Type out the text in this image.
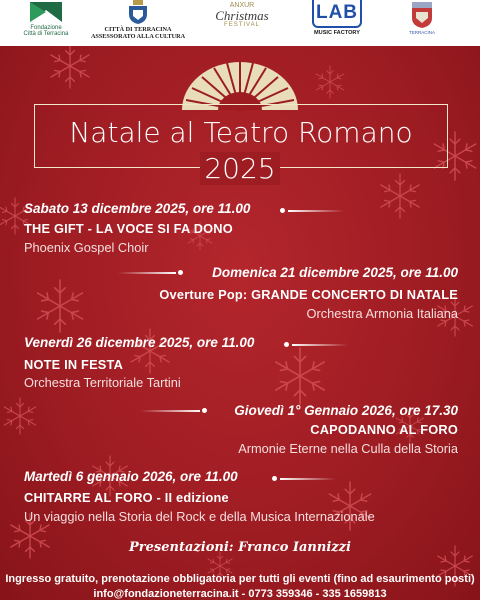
Fondazione
Città di Terracina
CITTÀ DI TERRACINA
ASSESSORATO ALLA CULTURA
ANXUR
Christmas
FESTIVAL
LAB
MUSIC FACTORY	TERRACINA
Natale al Teatro Romano
2025
Sabato 13 dicembre 2025, ore 11.00
THE GIFT - LA VOCE SI FA DONO
Phoenix Gospel Choir
Domenica 21 dicembre 2025, ore 11.00
Overture Pop: GRANDE CONCERTO DI NATALE
Orchestra Armonia Italiana
Venerdì 26 dicembre 2025, ore 11.00
NOTE IN FESTA
Orchestra Territoriale Tartini
Giovedì 1° Gennaio 2026, ore 17.30
CAPODANNO AL FORO
Armonie Eterne nella Culla della Storia
Martedì 6 gennaio 2026, ore 11.00
CHITARRE AL FORO - II edizione
Un viaggio nella Storia del Rock e della Musica Internazionale
Presentazioni: Franco Iannizzi
Ingresso gratuito, prenotazione obbligatoria per tutti gli eventi (fino ad esaurimento posti)
info@fondazioneterracina.it - 0773 359346 - 335 1659813
